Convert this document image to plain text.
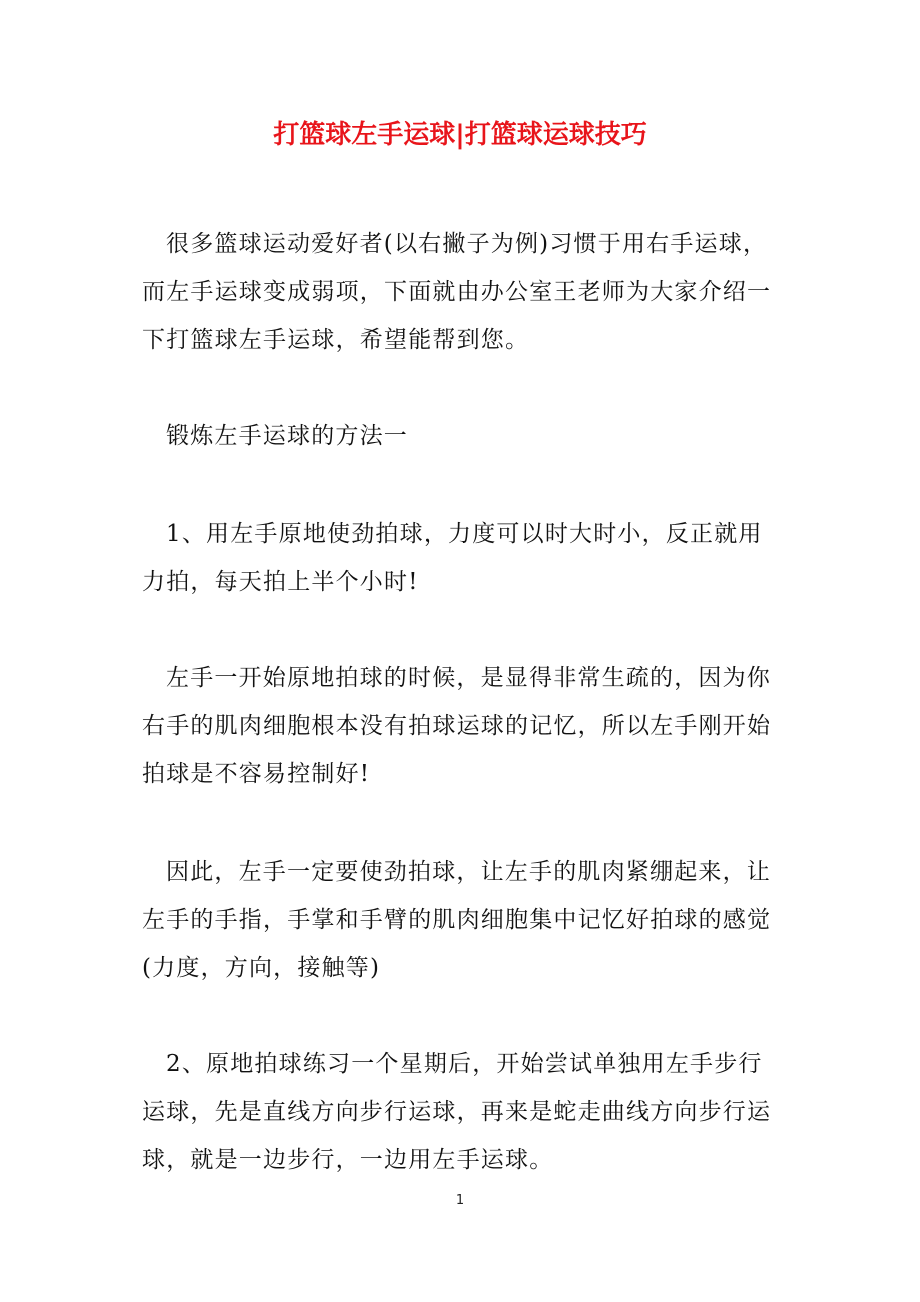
打篮球左手运球|打篮球运球技巧

很多篮球运动爱好者(以右撇子为例)习惯于用右手运球，而左手运球变成弱项，下面就由办公室王老师为大家介绍一下打篮球左手运球，希望能帮到您。

锻炼左手运球的方法一

1、用左手原地使劲拍球，力度可以时大时小，反正就用力拍，每天拍上半个小时!

左手一开始原地拍球的时候，是显得非常生疏的，因为你右手的肌肉细胞根本没有拍球运球的记忆，所以左手刚开始拍球是不容易控制好!

因此，左手一定要使劲拍球，让左手的肌肉紧绷起来，让左手的手指，手掌和手臂的肌肉细胞集中记忆好拍球的感觉(力度，方向，接触等)

2、原地拍球练习一个星期后，开始尝试单独用左手步行运球，先是直线方向步行运球，再来是蛇走曲线方向步行运球，就是一边步行，一边用左手运球。

1
